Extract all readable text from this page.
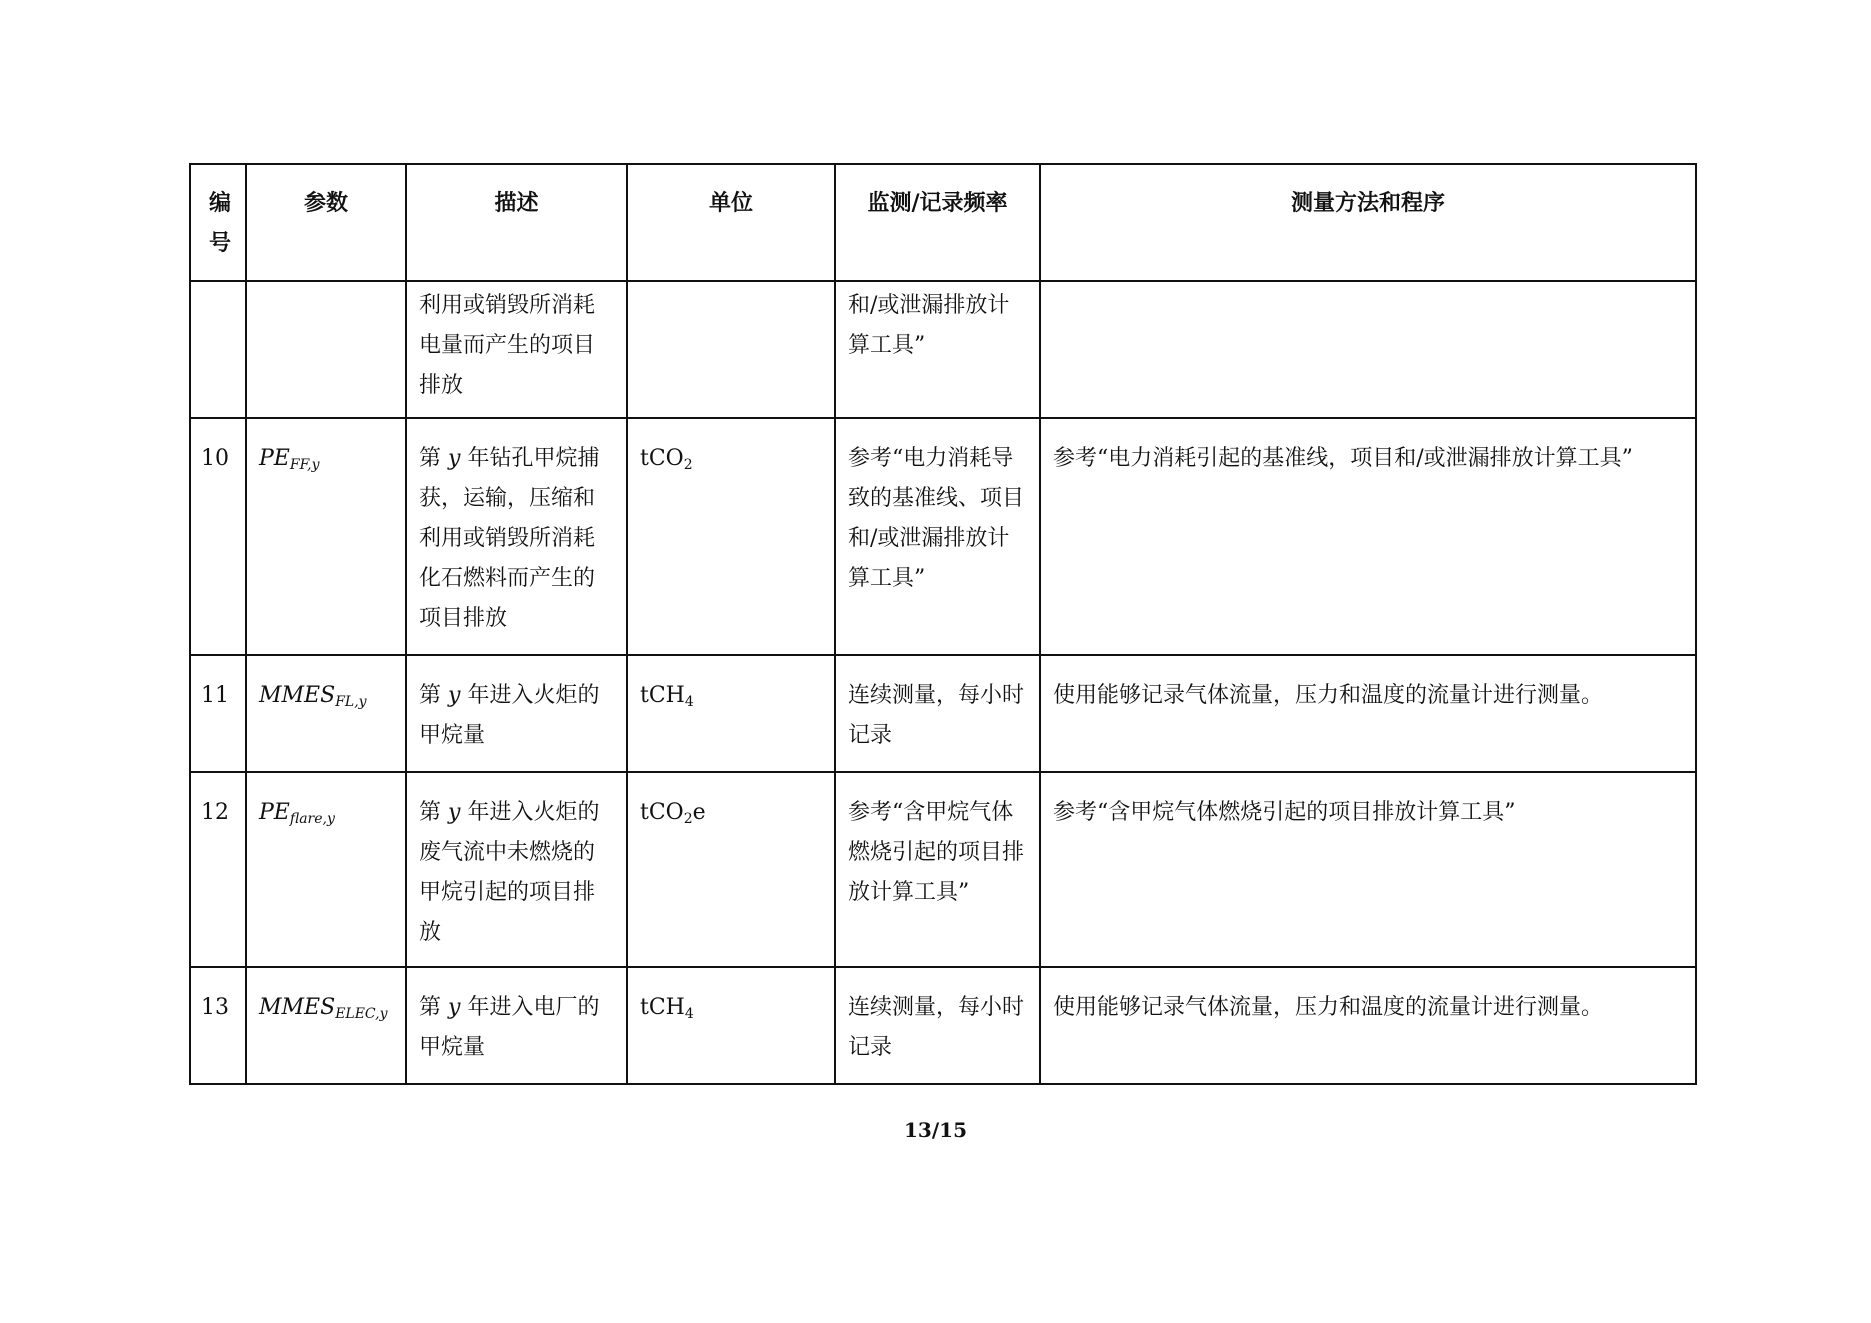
编号	参数	描述	单位	监测/记录频率	测量方法和程序
		利用或销毁所消耗电量而产生的项目排放		和/或泄漏排放计算工具”	
10	$PE_{FF,y}$	第 y 年钻孔甲烷捕获，运输，压缩和利用或销毁所消耗化石燃料而产生的项目排放	tCO$_2$	参考“电力消耗导致的基准线、项目和/或泄漏排放计算工具”	参考“电力消耗引起的基准线，项目和/或泄漏排放计算工具”
11	$MMES_{FL,y}$	第 y 年进入火炬的甲烷量	tCH$_4$	连续测量，每小时记录	使用能够记录气体流量，压力和温度的流量计进行测量。
12	$PE_{flare,y}$	第 y 年进入火炬的废气流中未燃烧的甲烷引起的项目排放	tCO$_2$e	参考“含甲烷气体燃烧引起的项目排放计算工具”	参考“含甲烷气体燃烧引起的项目排放计算工具”
13	$MMES_{ELEC,y}$	第 y 年进入电厂的甲烷量	tCH$_4$	连续测量，每小时记录	使用能够记录气体流量，压力和温度的流量计进行测量。
13/15
